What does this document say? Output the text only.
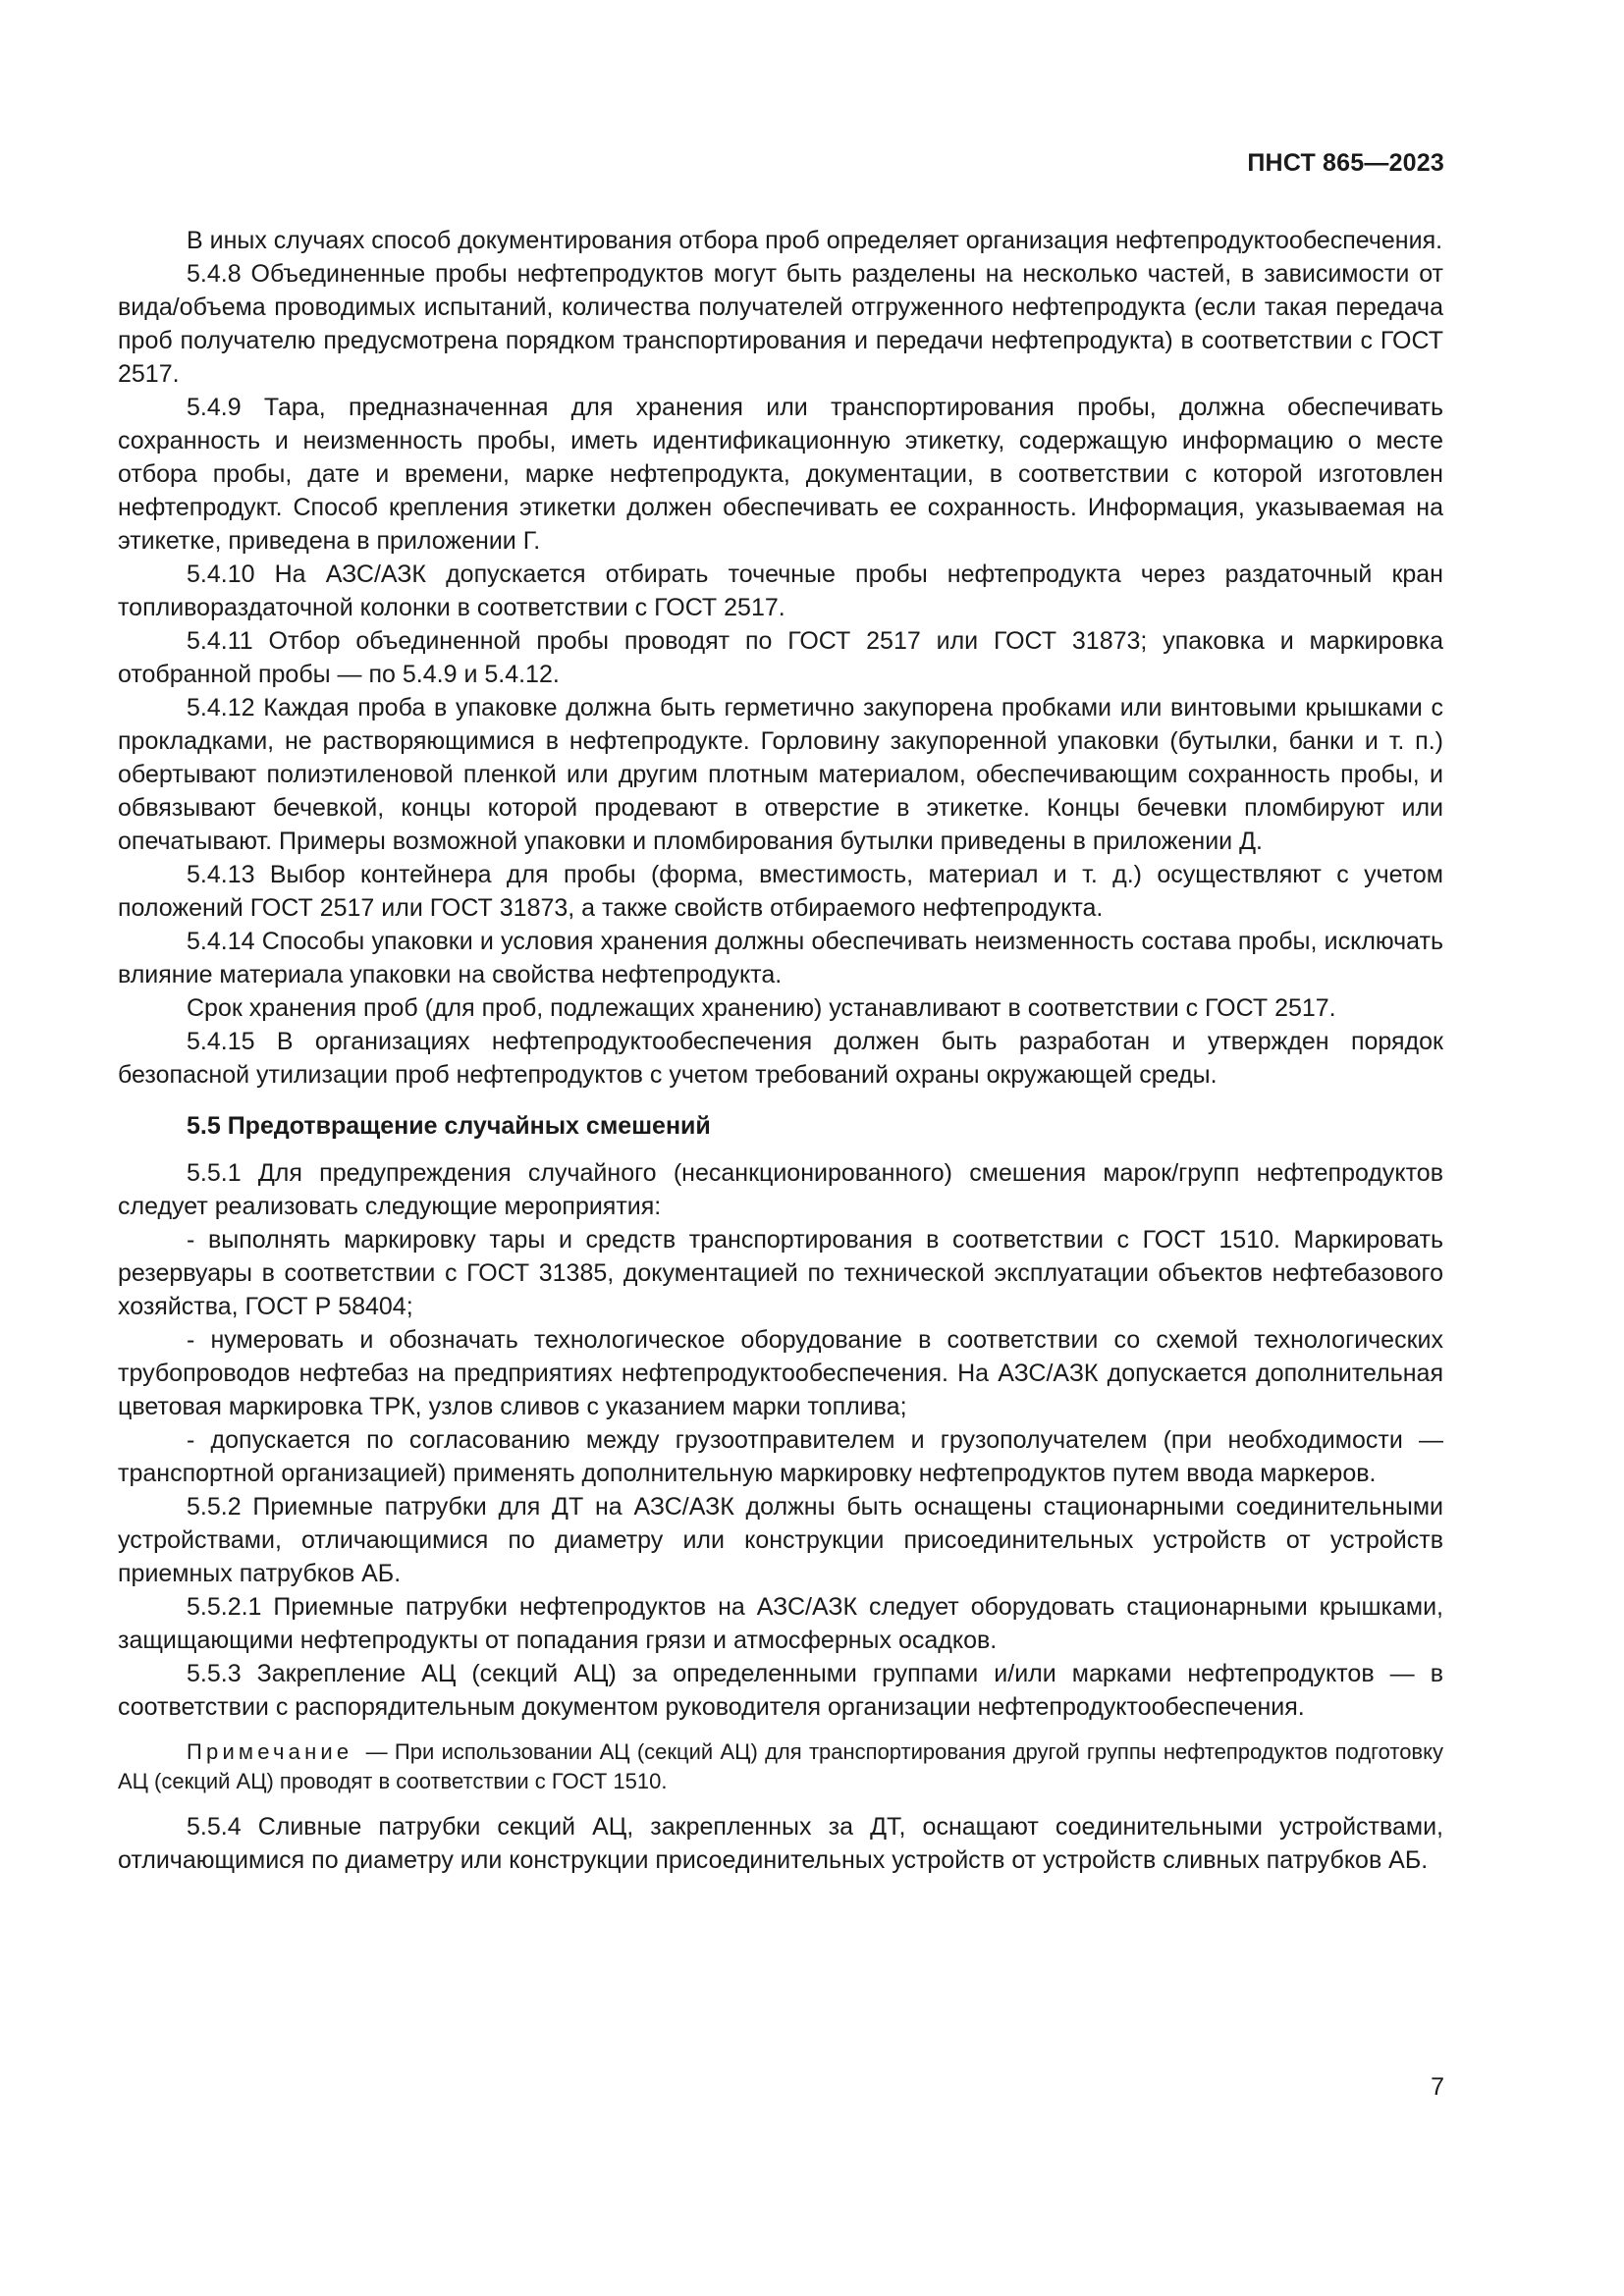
ПНСТ 865—2023

В иных случаях способ документирования отбора проб определяет организация нефтепродуктообеспечения.

5.4.8 Объединенные пробы нефтепродуктов могут быть разделены на несколько частей, в зависимости от вида/объема проводимых испытаний, количества получателей отгруженного нефтепродукта (если такая передача проб получателю предусмотрена порядком транспортирования и передачи нефтепродукта) в соответствии с ГОСТ 2517.

5.4.9 Тара, предназначенная для хранения или транспортирования пробы, должна обеспечивать сохранность и неизменность пробы, иметь идентификационную этикетку, содержащую информацию о месте отбора пробы, дате и времени, марке нефтепродукта, документации, в соответствии с которой изготовлен нефтепродукт. Способ крепления этикетки должен обеспечивать ее сохранность. Информация, указываемая на этикетке, приведена в приложении Г.

5.4.10 На АЗС/АЗК допускается отбирать точечные пробы нефтепродукта через раздаточный кран топливораздаточной колонки в соответствии с ГОСТ 2517.

5.4.11 Отбор объединенной пробы проводят по ГОСТ 2517 или ГОСТ 31873; упаковка и маркировка отобранной пробы — по 5.4.9 и 5.4.12.

5.4.12 Каждая проба в упаковке должна быть герметично закупорена пробками или винтовыми крышками с прокладками, не растворяющимися в нефтепродукте. Горловину закупоренной упаковки (бутылки, банки и т. п.) обертывают полиэтиленовой пленкой или другим плотным материалом, обеспечивающим сохранность пробы, и обвязывают бечевкой, концы которой продевают в отверстие в этикетке. Концы бечевки пломбируют или опечатывают. Примеры возможной упаковки и пломбирования бутылки приведены в приложении Д.

5.4.13 Выбор контейнера для пробы (форма, вместимость, материал и т. д.) осуществляют с учетом положений ГОСТ 2517 или ГОСТ 31873, а также свойств отбираемого нефтепродукта.

5.4.14 Способы упаковки и условия хранения должны обеспечивать неизменность состава пробы, исключать влияние материала упаковки на свойства нефтепродукта.

Срок хранения проб (для проб, подлежащих хранению) устанавливают в соответствии с ГОСТ 2517.

5.4.15 В организациях нефтепродуктообеспечения должен быть разработан и утвержден порядок безопасной утилизации проб нефтепродуктов с учетом требований охраны окружающей среды.

5.5 Предотвращение случайных смешений

5.5.1 Для предупреждения случайного (несанкционированного) смешения марок/групп нефтепродуктов следует реализовать следующие мероприятия:

- выполнять маркировку тары и средств транспортирования в соответствии с ГОСТ 1510. Маркировать резервуары в соответствии с ГОСТ 31385, документацией по технической эксплуатации объектов нефтебазового хозяйства, ГОСТ Р 58404;

- нумеровать и обозначать технологическое оборудование в соответствии со схемой технологических трубопроводов нефтебаз на предприятиях нефтепродуктообеспечения. На АЗС/АЗК допускается дополнительная цветовая маркировка ТРК, узлов сливов с указанием марки топлива;

- допускается по согласованию между грузоотправителем и грузополучателем (при необходимости — транспортной организацией) применять дополнительную маркировку нефтепродуктов путем ввода маркеров.

5.5.2 Приемные патрубки для ДТ на АЗС/АЗК должны быть оснащены стационарными соединительными устройствами, отличающимися по диаметру или конструкции присоединительных устройств от устройств приемных патрубков АБ.

5.5.2.1 Приемные патрубки нефтепродуктов на АЗС/АЗК следует оборудовать стационарными крышками, защищающими нефтепродукты от попадания грязи и атмосферных осадков.

5.5.3 Закрепление АЦ (секций АЦ) за определенными группами и/или марками нефтепродуктов — в соответствии с распорядительным документом руководителя организации нефтепродуктообеспечения.

Примечание — При использовании АЦ (секций АЦ) для транспортирования другой группы нефтепродуктов подготовку АЦ (секций АЦ) проводят в соответствии с ГОСТ 1510.

5.5.4 Сливные патрубки секций АЦ, закрепленных за ДТ, оснащают соединительными устройствами, отличающимися по диаметру или конструкции присоединительных устройств от устройств сливных патрубков АБ.

7
